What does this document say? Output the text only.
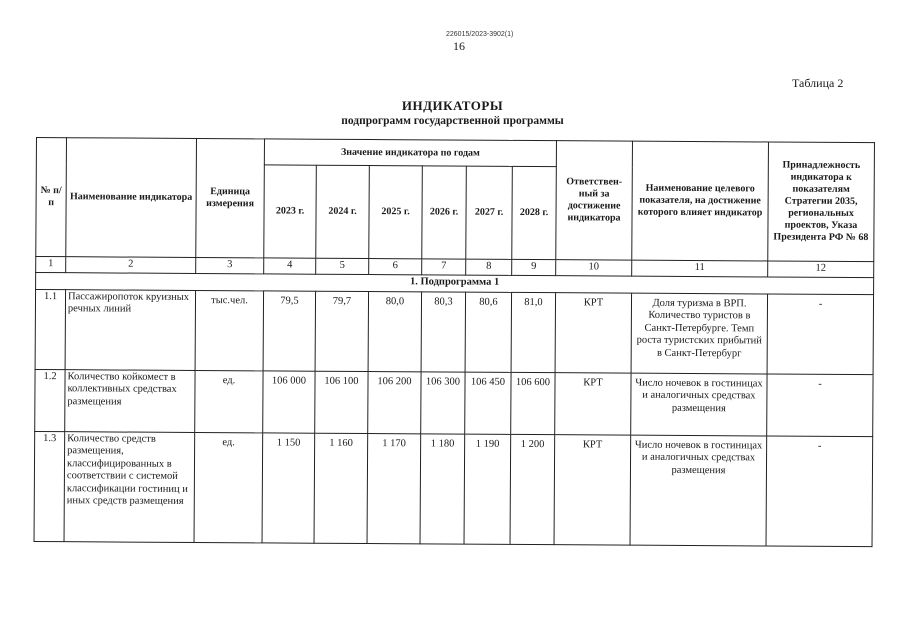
226015/2023-3902(1)
16
Таблица 2
ИНДИКАТОРЫ
подпрограмм государственной программы
№ п/п	Наименование индикатора	Единица измерения	Значение индикатора по годам						Ответствен-ный за достижение индикатора	Наименование целевого показателя, на достижение которого влияет индикатор	Принадлежность индикатора к показателям Стратегии 2035, региональных проектов, Указа Президента РФ № 68
			2023 г.	2024 г.	2025 г.	2026 г.	2027 г.	2028 г.			
1	2	3	4	5	6	7	8	9	10	11	12
1. Подпрограмма 1											
1.1	Пассажиропоток круизных речных линий	тыс.чел.	79,5	79,7	80,0	80,3	80,6	81,0	КРТ	Доля туризма в ВРП. Количество туристов в Санкт-Петербурге. Темп роста туристских прибытий в Санкт-Петербург	-
1.2	Количество койкомест в коллективных средствах размещения	ед.	106 000	106 100	106 200	106 300	106 450	106 600	КРТ	Число ночевок в гостиницах и аналогичных средствах размещения	-
1.3	Количество средств размещения, классифицированных в соответствии с системой классификации гостиниц и иных средств размещения	ед.	1 150	1 160	1 170	1 180	1 190	1 200	КРТ	Число ночевок в гостиницах и аналогичных средствах размещения	-
